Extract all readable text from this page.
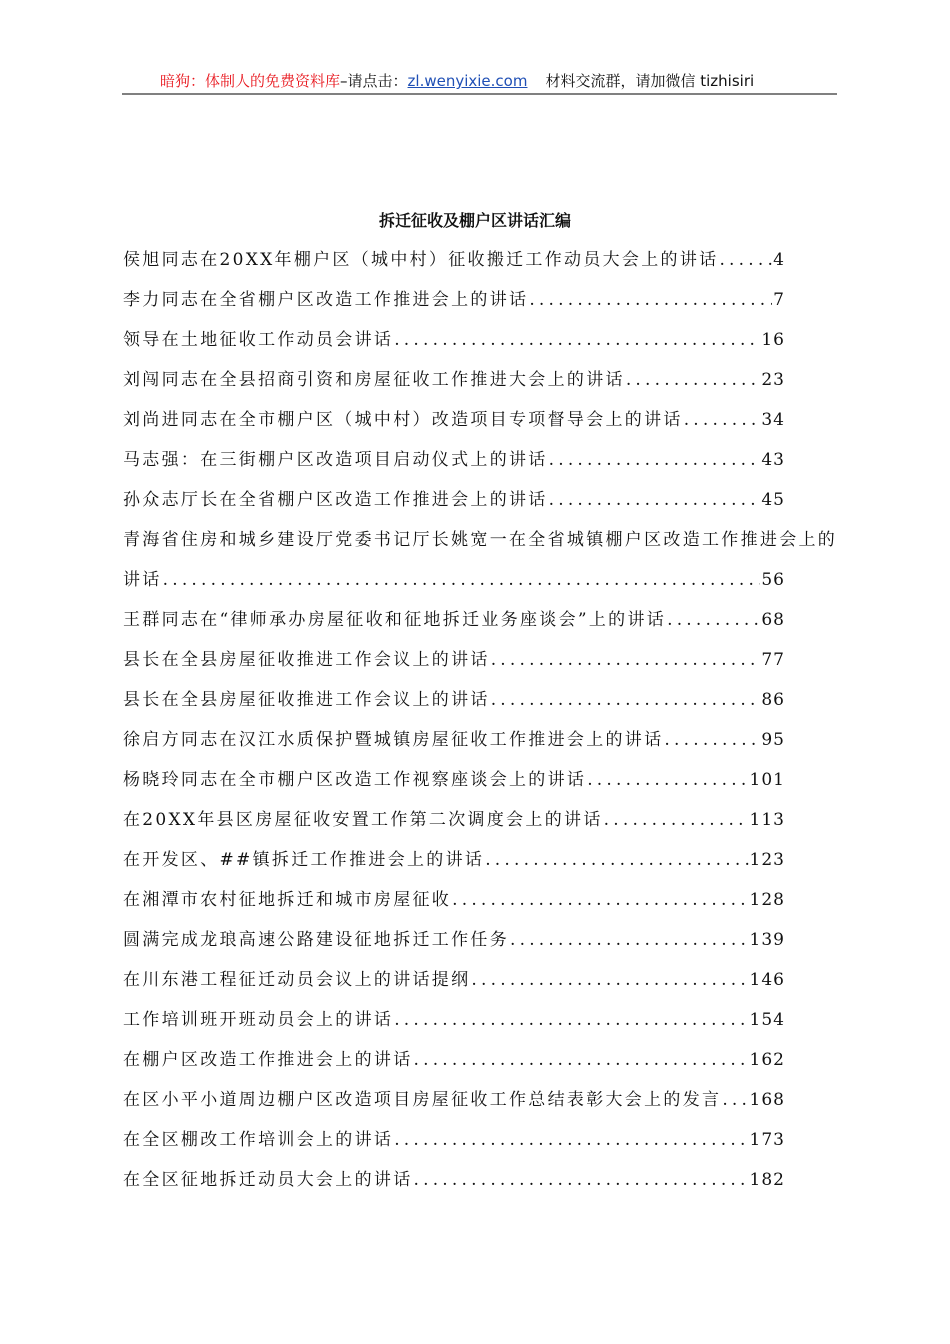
暗狗：体制人的免费资料库–请点击：zl.wenyixie.com 材料交流群，请加微信 tizhisiri
拆迁征收及棚户区讲话汇编
侯旭同志在20XX年棚户区（城中村）征收搬迁工作动员大会上的讲话 .....	4
李力同志在全省棚户区改造工作推进会上的讲话 .....	7
领导在土地征收工作动员会讲话 .....	16
刘闯同志在全县招商引资和房屋征收工作推进大会上的讲话 .....	23
刘尚进同志在全市棚户区（城中村）改造项目专项督导会上的讲话 .....	34
马志强：在三街棚户区改造项目启动仪式上的讲话 .....	43
孙众志厅长在全省棚户区改造工作推进会上的讲话 .....	45
青海省住房和城乡建设厅党委书记厅长姚宽一在全省城镇棚户区改造工作推进会上的
讲话 .....	56
王群同志在“律师承办房屋征收和征地拆迁业务座谈会”上的讲话 .....	68
县长在全县房屋征收推进工作会议上的讲话 .....	77
县长在全县房屋征收推进工作会议上的讲话 .....	86
徐启方同志在汉江水质保护暨城镇房屋征收工作推进会上的讲话 .....	95
杨晓玲同志在全市棚户区改造工作视察座谈会上的讲话 .....	101
在20XX年县区房屋征收安置工作第二次调度会上的讲话 .....	113
在开发区、##镇拆迁工作推进会上的讲话 .....	123
在湘潭市农村征地拆迁和城市房屋征收 .....	128
圆满完成龙琅高速公路建设征地拆迁工作任务 .....	139
在川东港工程征迁动员会议上的讲话提纲 .....	146
工作培训班开班动员会上的讲话 .....	154
在棚户区改造工作推进会上的讲话 .....	162
在区小平小道周边棚户区改造项目房屋征收工作总结表彰大会上的发言 ..... 168
在全区棚改工作培训会上的讲话 .....	173
在全区征地拆迁动员大会上的讲话 .....	182
